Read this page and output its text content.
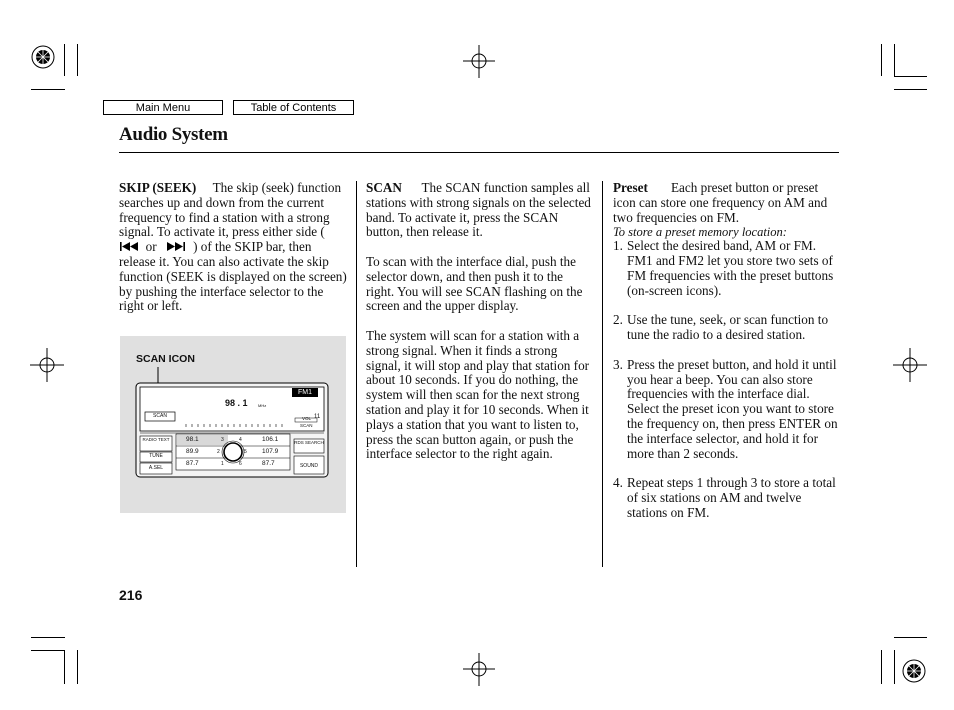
Main Menu	Table of Contents
Audio System

SKIP (SEEK) The skip (seek) function searches up and down from the current frequency to find a station with a strong signal. To activate it, press either side (   or	) of the SKIP bar, then release it. You can also activate the skip function (SEEK is displayed on the screen) by pushing the interface selector to the right or left.

SCAN ICON
98 . 1	MHz
FM1
SCAN
SCAN
VOL 11
RADIO TEXT
TUNE
A.SEL
RDS SEARCH
SOUND
98.1
89.9
87.7
3
2
1
4
5
6
106.1
107.9
87.7

SCAN The SCAN function samples all stations with strong signals on the selected band. To activate it, press the SCAN button, then release it.

To scan with the interface dial, push the selector down, and then push it to the right. You will see SCAN flashing on the screen and the upper display.

The system will scan for a station with a strong signal. When it finds a strong signal, it will stop and play that station for about 10 seconds. If you do nothing, the system will then scan for the next strong station and play it for 10 seconds. When it plays a station that you want to listen to, press the scan button again, or push the interface selector to the right again.

Preset Each preset button or preset icon can store one frequency on AM and two frequencies on FM.

To store a preset memory location:
1. Select the desired band, AM or FM. FM1 and FM2 let you store two sets of FM frequencies with the preset buttons (on-screen icons).
2. Use the tune, seek, or scan function to tune the radio to a desired station.
3. Press the preset button, and hold it until you hear a beep. You can also store frequencies with the interface dial. Select the preset icon you want to store the frequency on, then press ENTER on the interface selector, and hold it for more than 2 seconds.
4. Repeat steps 1 through 3 to store a total of six stations on AM and twelve stations on FM.
216
